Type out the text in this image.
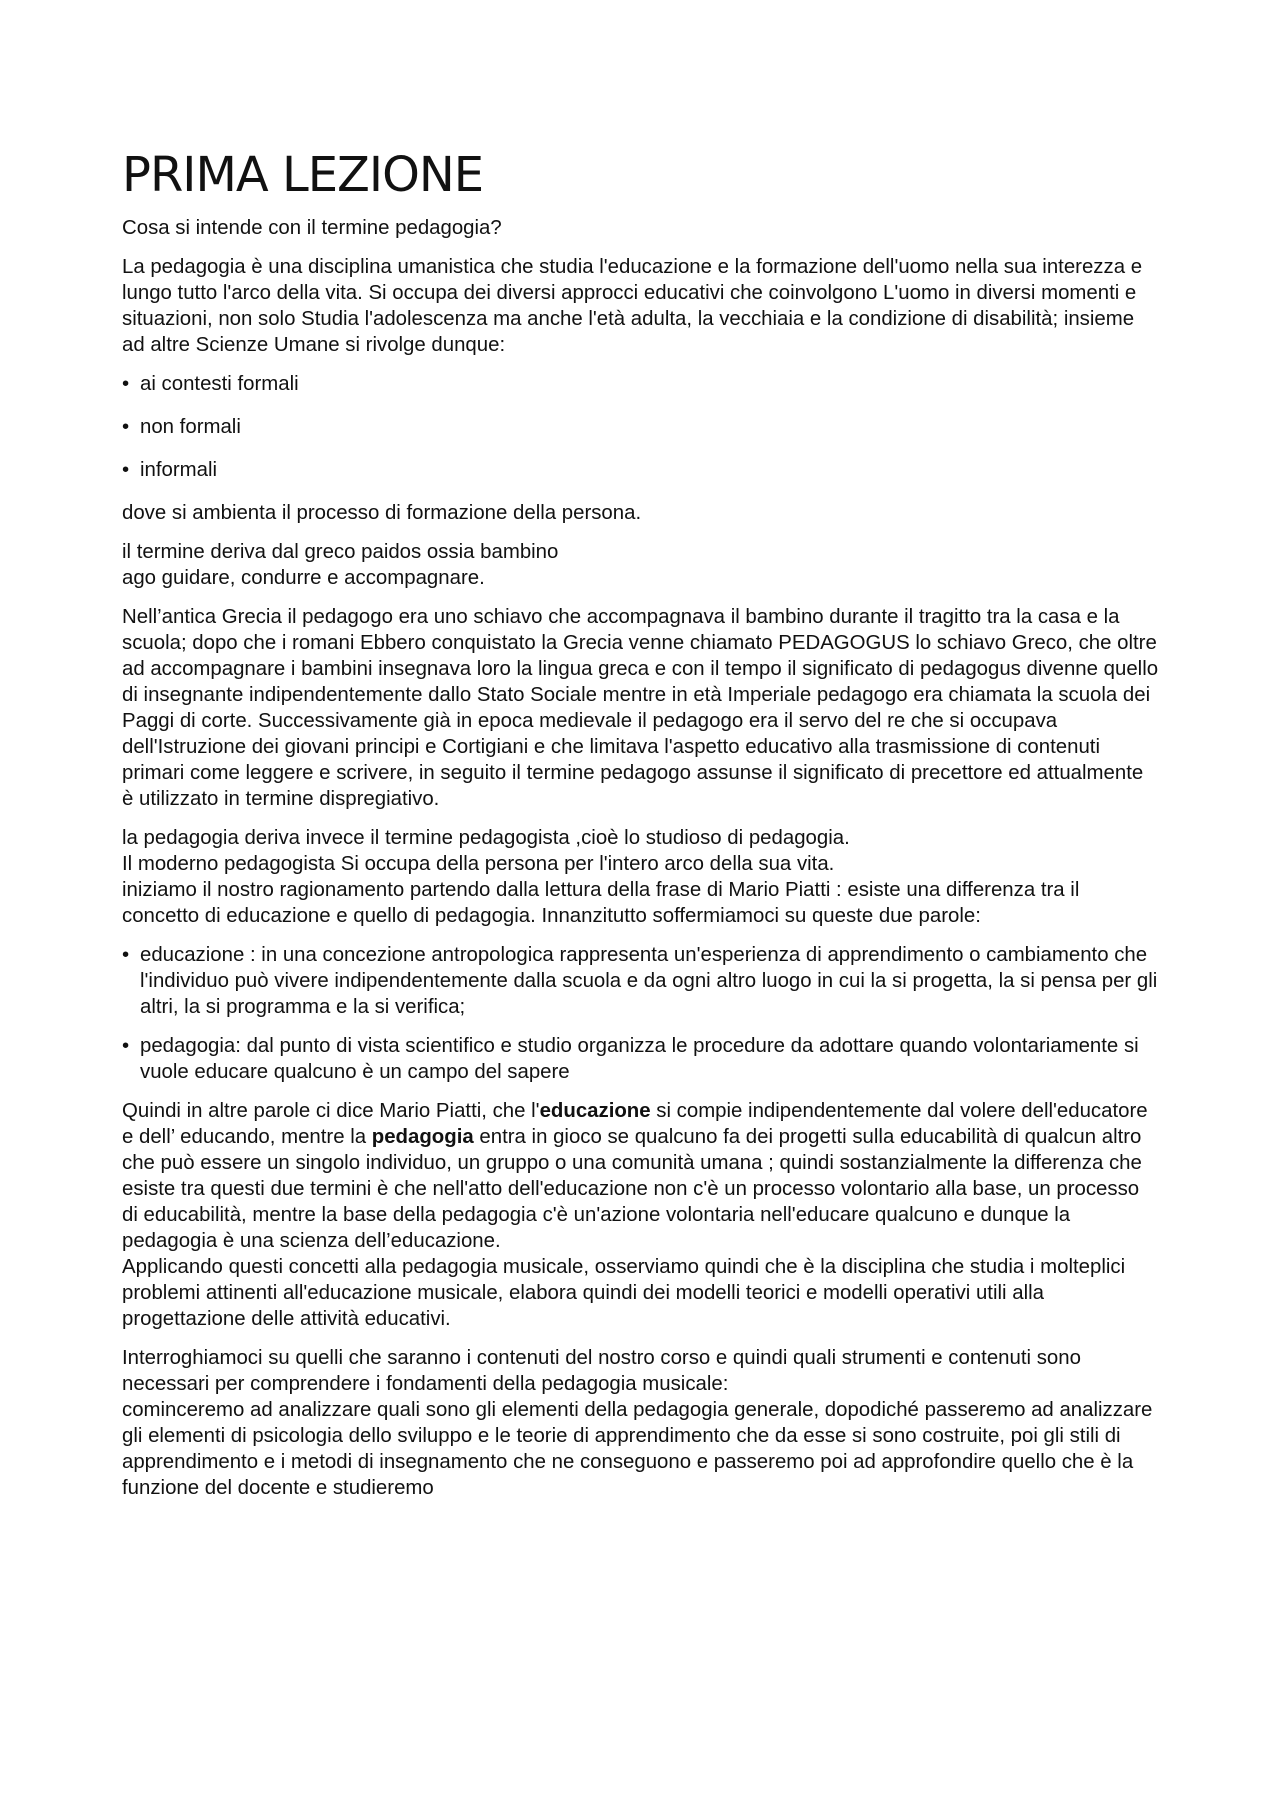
PRIMA LEZIONE

Cosa si intende con il termine pedagogia?

La pedagogia è una disciplina umanistica che studia l'educazione e la formazione dell'uomo nella sua interezza e lungo tutto l'arco della vita. Si occupa dei diversi approcci educativi che coinvolgono L'uomo in diversi momenti e situazioni, non solo Studia l'adolescenza ma anche l'età adulta, la vecchiaia e la condizione di disabilità; insieme ad altre Scienze Umane si rivolge dunque:

• ai contesti formali
• non formali
• informali

dove si ambienta il processo di formazione della persona.

il termine deriva dal greco paidos ossia bambino
ago guidare, condurre e accompagnare.

Nell’antica Grecia il pedagogo era uno schiavo che accompagnava il bambino durante il tragitto tra la casa e la scuola; dopo che i romani Ebbero conquistato la Grecia venne chiamato PEDAGOGUS lo schiavo Greco, che oltre ad accompagnare i bambini insegnava loro la lingua greca e con il tempo il significato di pedagogus divenne quello di insegnante indipendentemente dallo Stato Sociale mentre in età Imperiale pedagogo era chiamata la scuola dei Paggi di corte. Successivamente già in epoca medievale il pedagogo era il servo del re che si occupava dell'Istruzione dei giovani principi e Cortigiani e che limitava l'aspetto educativo alla trasmissione di contenuti primari come leggere e scrivere, in seguito il termine pedagogo assunse il significato di precettore ed attualmente è utilizzato in termine dispregiativo.

la pedagogia deriva invece il termine pedagogista ,cioè lo studioso di pedagogia.
Il moderno pedagogista Si occupa della persona per l'intero arco della sua vita.
iniziamo il nostro ragionamento partendo dalla lettura della frase di Mario Piatti : esiste una differenza tra il concetto di educazione e quello di pedagogia. Innanzitutto soffermiamoci su queste due parole:

• educazione : in una concezione antropologica rappresenta un'esperienza di apprendimento o cambiamento che l'individuo può vivere indipendentemente dalla scuola e da ogni altro luogo in cui la si progetta, la si pensa per gli altri, la si programma e la si verifica;
• pedagogia: dal punto di vista scientifico e studio organizza le procedure da adottare quando volontariamente si vuole educare qualcuno è un campo del sapere

Quindi in altre parole ci dice Mario Piatti, che l'educazione si compie indipendentemente dal volere dell'educatore e dell’ educando, mentre la pedagogia entra in gioco se qualcuno fa dei progetti sulla educabilità di qualcun altro che può essere un singolo individuo, un gruppo o una comunità umana ; quindi sostanzialmente la differenza che esiste tra questi due termini è che nell'atto dell'educazione non c'è un processo volontario alla base, un processo di educabilità, mentre la base della pedagogia c'è un'azione volontaria nell'educare qualcuno e dunque la pedagogia è una scienza dell’educazione.
Applicando questi concetti alla pedagogia musicale, osserviamo quindi che è la disciplina che studia i molteplici problemi attinenti all'educazione musicale, elabora quindi dei modelli teorici e modelli operativi utili alla progettazione delle attività educativi.

Interroghiamoci su quelli che saranno i contenuti del nostro corso e quindi quali strumenti e contenuti sono necessari per comprendere i fondamenti della pedagogia musicale:
cominceremo ad analizzare quali sono gli elementi della pedagogia generale, dopodiché passeremo ad analizzare gli elementi di psicologia dello sviluppo e le teorie di apprendimento che da esse si sono costruite, poi gli stili di apprendimento e i metodi di insegnamento che ne conseguono e passeremo poi ad approfondire quello che è la funzione del docente e studieremo
